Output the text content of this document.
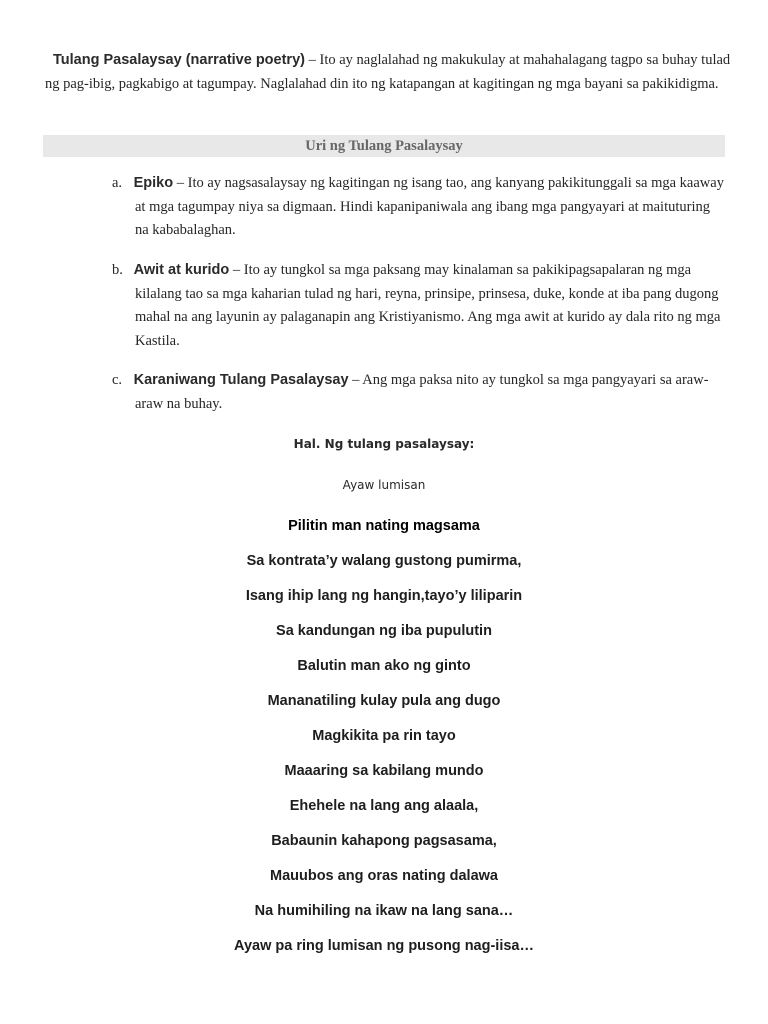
Tulang Pasalaysay (narrative poetry) – Ito ay naglalahad ng makukulay at mahahalagang tagpo sa buhay tulad ng pag-ibig, pagkabigo at tagumpay. Naglalahad din ito ng katapangan at kagitingan ng mga bayani sa pakikidigma.
Uri ng Tulang Pasalaysay
a. Epiko – Ito ay nagsasalaysay ng kagitingan ng isang tao, ang kanyang pakikitunggali sa mga kaaway
at mga tagumpay niya sa digmaan. Hindi kapanipaniwala ang ibang mga pangyayari at maituturing na kababalaghan.
b. Awit at kurido – Ito ay tungkol sa mga paksang may kinalaman sa pakikipagsapalaran ng mga
kilalang tao sa mga kaharian tulad ng hari, reyna, prinsipe, prinsesa, duke, konde at iba pang dugong mahal na ang layunin ay palaganapin ang Kristiyanismo. Ang mga awit at kurido ay dala rito ng mga Kastila.
c. Karaniwang Tulang Pasalaysay – Ang mga paksa nito ay tungkol sa mga pangyayari sa araw-
araw na buhay.
Hal. Ng tulang pasalaysay:
Ayaw lumisan
Pilitin man nating magsama
Sa kontrata’y walang gustong pumirma,
Isang ihip lang ng hangin,tayo’y liliparin
Sa kandungan ng iba pupulutin
Balutin man ako ng ginto
Mananatiling kulay pula ang dugo
Magkikita pa rin tayo
Maaaring sa kabilang mundo
Ehehele na lang ang alaala,
Babaunin kahapong pagsasama,
Mauubos ang oras nating dalawa
Na humihiling na ikaw na lang sana…
Ayaw pa ring lumisan ng pusong nag-iisa…
